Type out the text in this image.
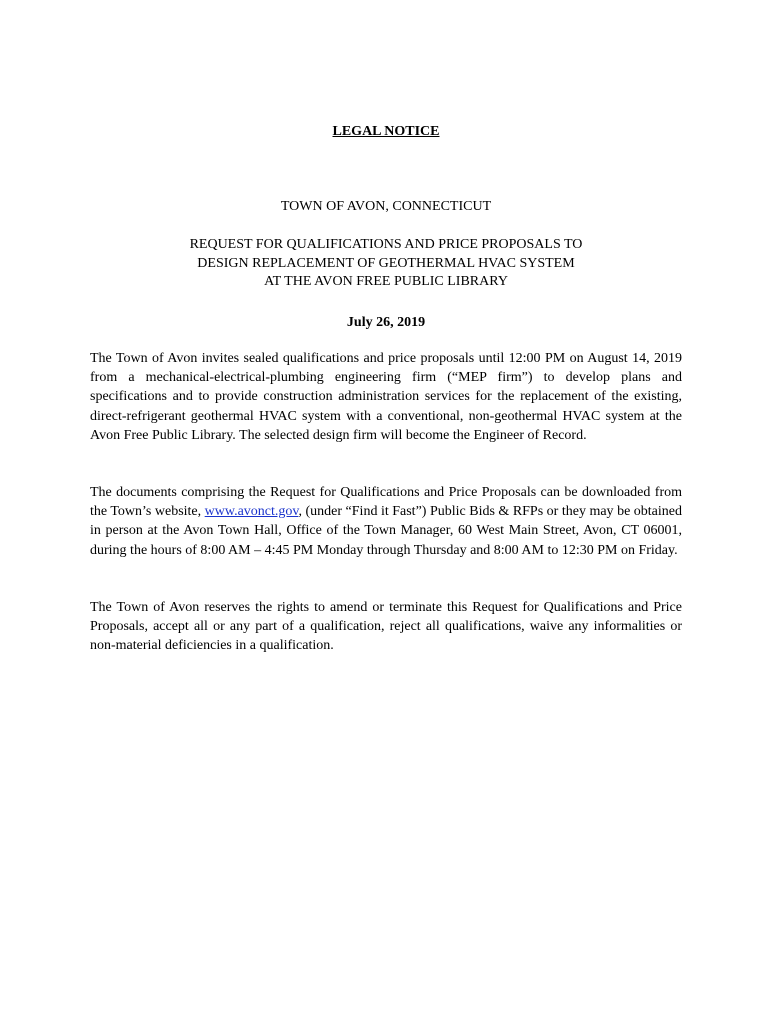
LEGAL NOTICE
TOWN OF AVON, CONNECTICUT
REQUEST FOR QUALIFICATIONS AND PRICE PROPOSALS TO
DESIGN REPLACEMENT OF GEOTHERMAL HVAC SYSTEM
AT THE AVON FREE PUBLIC LIBRARY
July 26, 2019

The Town of Avon invites sealed qualifications and price proposals until 12:00 PM on August 14, 2019 from a mechanical-electrical-plumbing engineering firm (“MEP firm”) to develop plans and specifications and to provide construction administration services for the replacement of the existing, direct-refrigerant geothermal HVAC system with a conventional, non-geothermal HVAC system at the Avon Free Public Library. The selected design firm will become the Engineer of Record.

The documents comprising the Request for Qualifications and Price Proposals can be downloaded from the Town’s website, www.avonct.gov, (under “Find it Fast”) Public Bids & RFPs or they may be obtained in person at the Avon Town Hall, Office of the Town Manager, 60 West Main Street, Avon, CT 06001, during the hours of 8:00 AM – 4:45 PM Monday through Thursday and 8:00 AM to 12:30 PM on Friday.

The Town of Avon reserves the rights to amend or terminate this Request for Qualifications and Price Proposals, accept all or any part of a qualification, reject all qualifications, waive any informalities or non-material deficiencies in a qualification.
